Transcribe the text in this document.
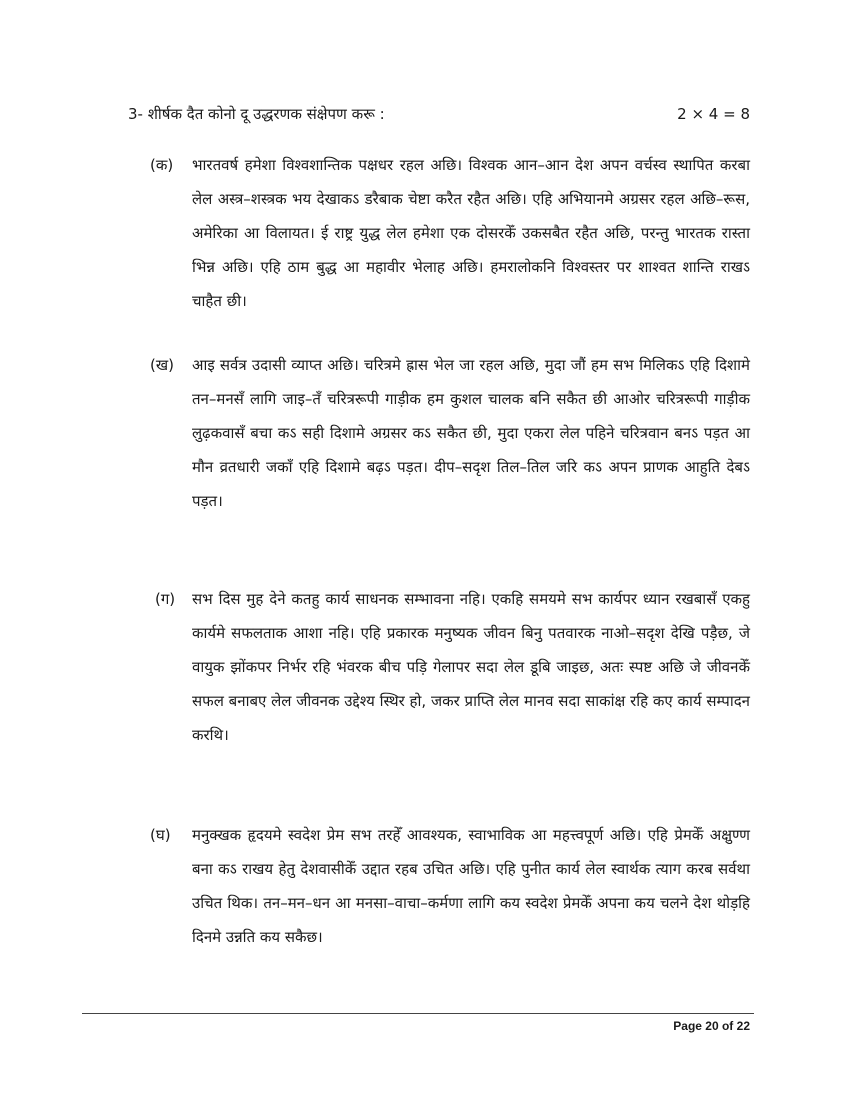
3- शीर्षक दैत कोनो दू उद्धरणक संक्षेपण करू :	2 × 4 = 8
(क)	भारतवर्ष हमेशा विश्वशान्तिक पक्षधर रहल अछि। विश्वक आन–आन देश अपन वर्चस्व स्थापित करबा लेल अस्त्र–शस्त्रक भय देखाकऽ डरैबाक चेष्टा करैत रहैत अछि। एहि अभियानमे अग्रसर रहल अछि–रूस, अमेरिका आ विलायत। ई राष्ट्र युद्ध लेल हमेशा एक दोसरकेँ उकसबैत रहैत अछि, परन्तु भारतक रास्ता भिन्न अछि। एहि ठाम बुद्ध आ महावीर भेलाह अछि। हमरालोकनि विश्वस्तर पर शाश्वत शान्ति राखऽ चाहैत छी।

(ख)	आइ सर्वत्र उदासी व्याप्त अछि। चरित्रमे ह्रास भेल जा रहल अछि, मुदा जौं हम सभ मिलिकऽ एहि दिशामे तन–मनसँ लागि जाइ–तँ चरित्ररूपी गाड़ीक हम कुशल चालक बनि सकैत छी आओर चरित्ररूपी गाड़ीक लुढ़कवासँ बचा कऽ सही दिशामे अग्रसर कऽ सकैत छी, मुदा एकरा लेल पहिने चरित्रवान बनऽ पड़त आ मौन व्रतधारी जकाँ एहि दिशामे बढ़ऽ पड़त। दीप–सदृश तिल–तिल जरि कऽ अपन प्राणक आहुति देबऽ पड़त।

(ग)	सभ दिस मुह देने कतहु कार्य साधनक सम्भावना नहि। एकहि समयमे सभ कार्यपर ध्यान रखबासँ एकहु कार्यमे सफलताक आशा नहि। एहि प्रकारक मनुष्यक जीवन बिनु पतवारक नाओ–सदृश देखि पड़ैछ, जे वायुक झोंकपर निर्भर रहि भंवरक बीच पड़ि गेलापर सदा लेल डूबि जाइछ, अतः स्पष्ट अछि जे जीवनकेँ सफल बनाबए लेल जीवनक उद्देश्य स्थिर हो, जकर प्राप्ति लेल मानव सदा साकांक्ष रहि कए कार्य सम्पादन करथि।

(घ)	मनुक्खक हृदयमे स्वदेश प्रेम सभ तरहेँ आवश्यक, स्वाभाविक आ महत्त्वपूर्ण अछि। एहि प्रेमकेँ अक्षुण्ण बना कऽ राखय हेतु देशवासीकेँ उद्दात रहब उचित अछि। एहि पुनीत कार्य लेल स्वार्थक त्याग करब सर्वथा उचित थिक। तन–मन–धन आ मनसा–वाचा–कर्मणा लागि कय स्वदेश प्रेमकेँ अपना कय चलने देश थोड़हि दिनमे उन्नति कय सकैछ।

Page 20 of 22
